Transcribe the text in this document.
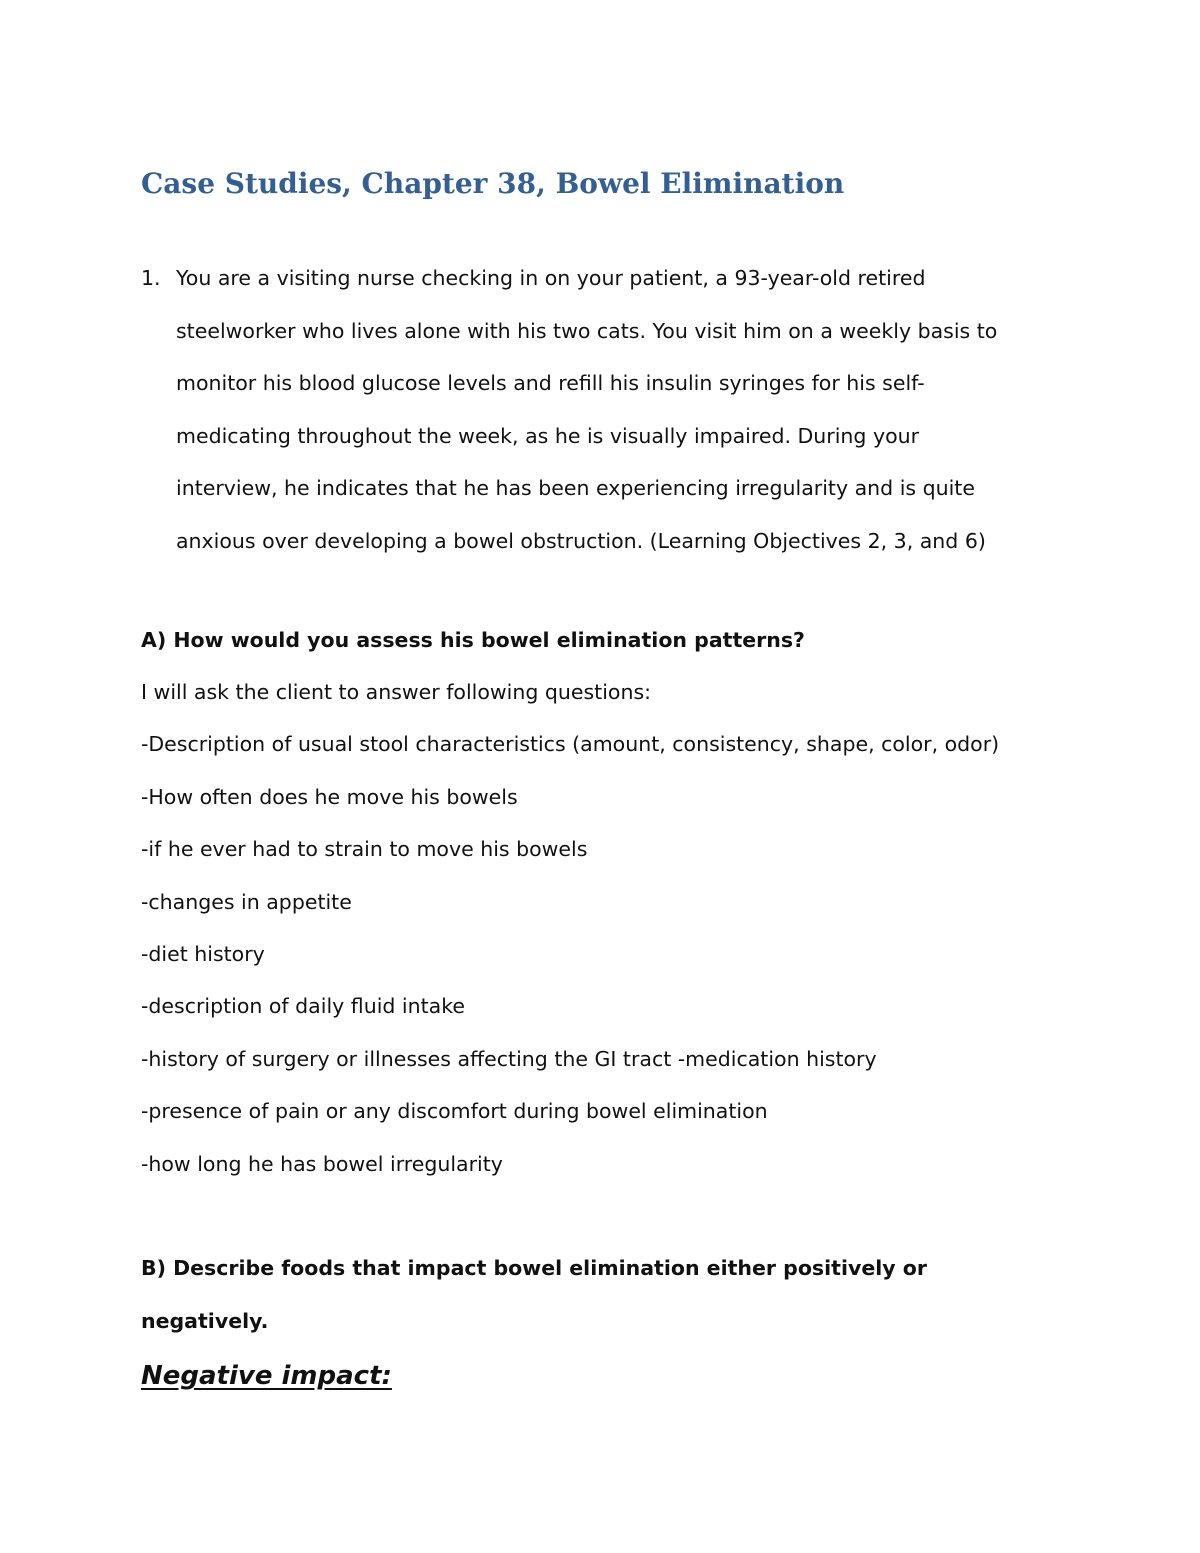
Case Studies, Chapter 38, Bowel Elimination
1. You are a visiting nurse checking in on your patient, a 93-year-old retired
steelworker who lives alone with his two cats. You visit him on a weekly basis to
monitor his blood glucose levels and refill his insulin syringes for his self-
medicating throughout the week, as he is visually impaired. During your
interview, he indicates that he has been experiencing irregularity and is quite
anxious over developing a bowel obstruction. (Learning Objectives 2, 3, and 6)
A) How would you assess his bowel elimination patterns?
I will ask the client to answer following questions:
-Description of usual stool characteristics (amount, consistency, shape, color, odor)
-How often does he move his bowels
-if he ever had to strain to move his bowels
-changes in appetite
-diet history
-description of daily fluid intake
-history of surgery or illnesses affecting the GI tract -medication history
-presence of pain or any discomfort during bowel elimination
-how long he has bowel irregularity
B) Describe foods that impact bowel elimination either positively or
negatively.
Negative impact:
